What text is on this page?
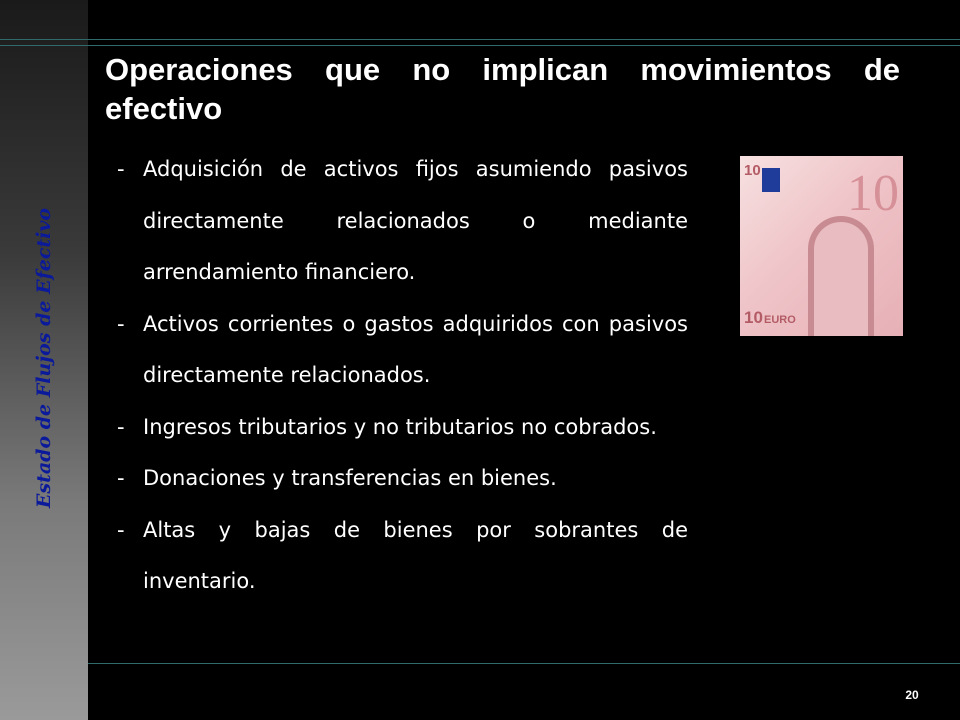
Estado de Flujos de Efectivo
Operaciones que no implican movimientos de efectivo
- Adquisición de activos fijos asumiendo pasivos directamente relacionados o mediante arrendamiento financiero.
- Activos corrientes o gastos adquiridos con pasivos directamente relacionados.
- Ingresos tributarios y no tributarios no cobrados.
- Donaciones y transferencias en bienes.
- Altas y bajas de bienes por sobrantes de inventario.
10 10
10 EURO
20
